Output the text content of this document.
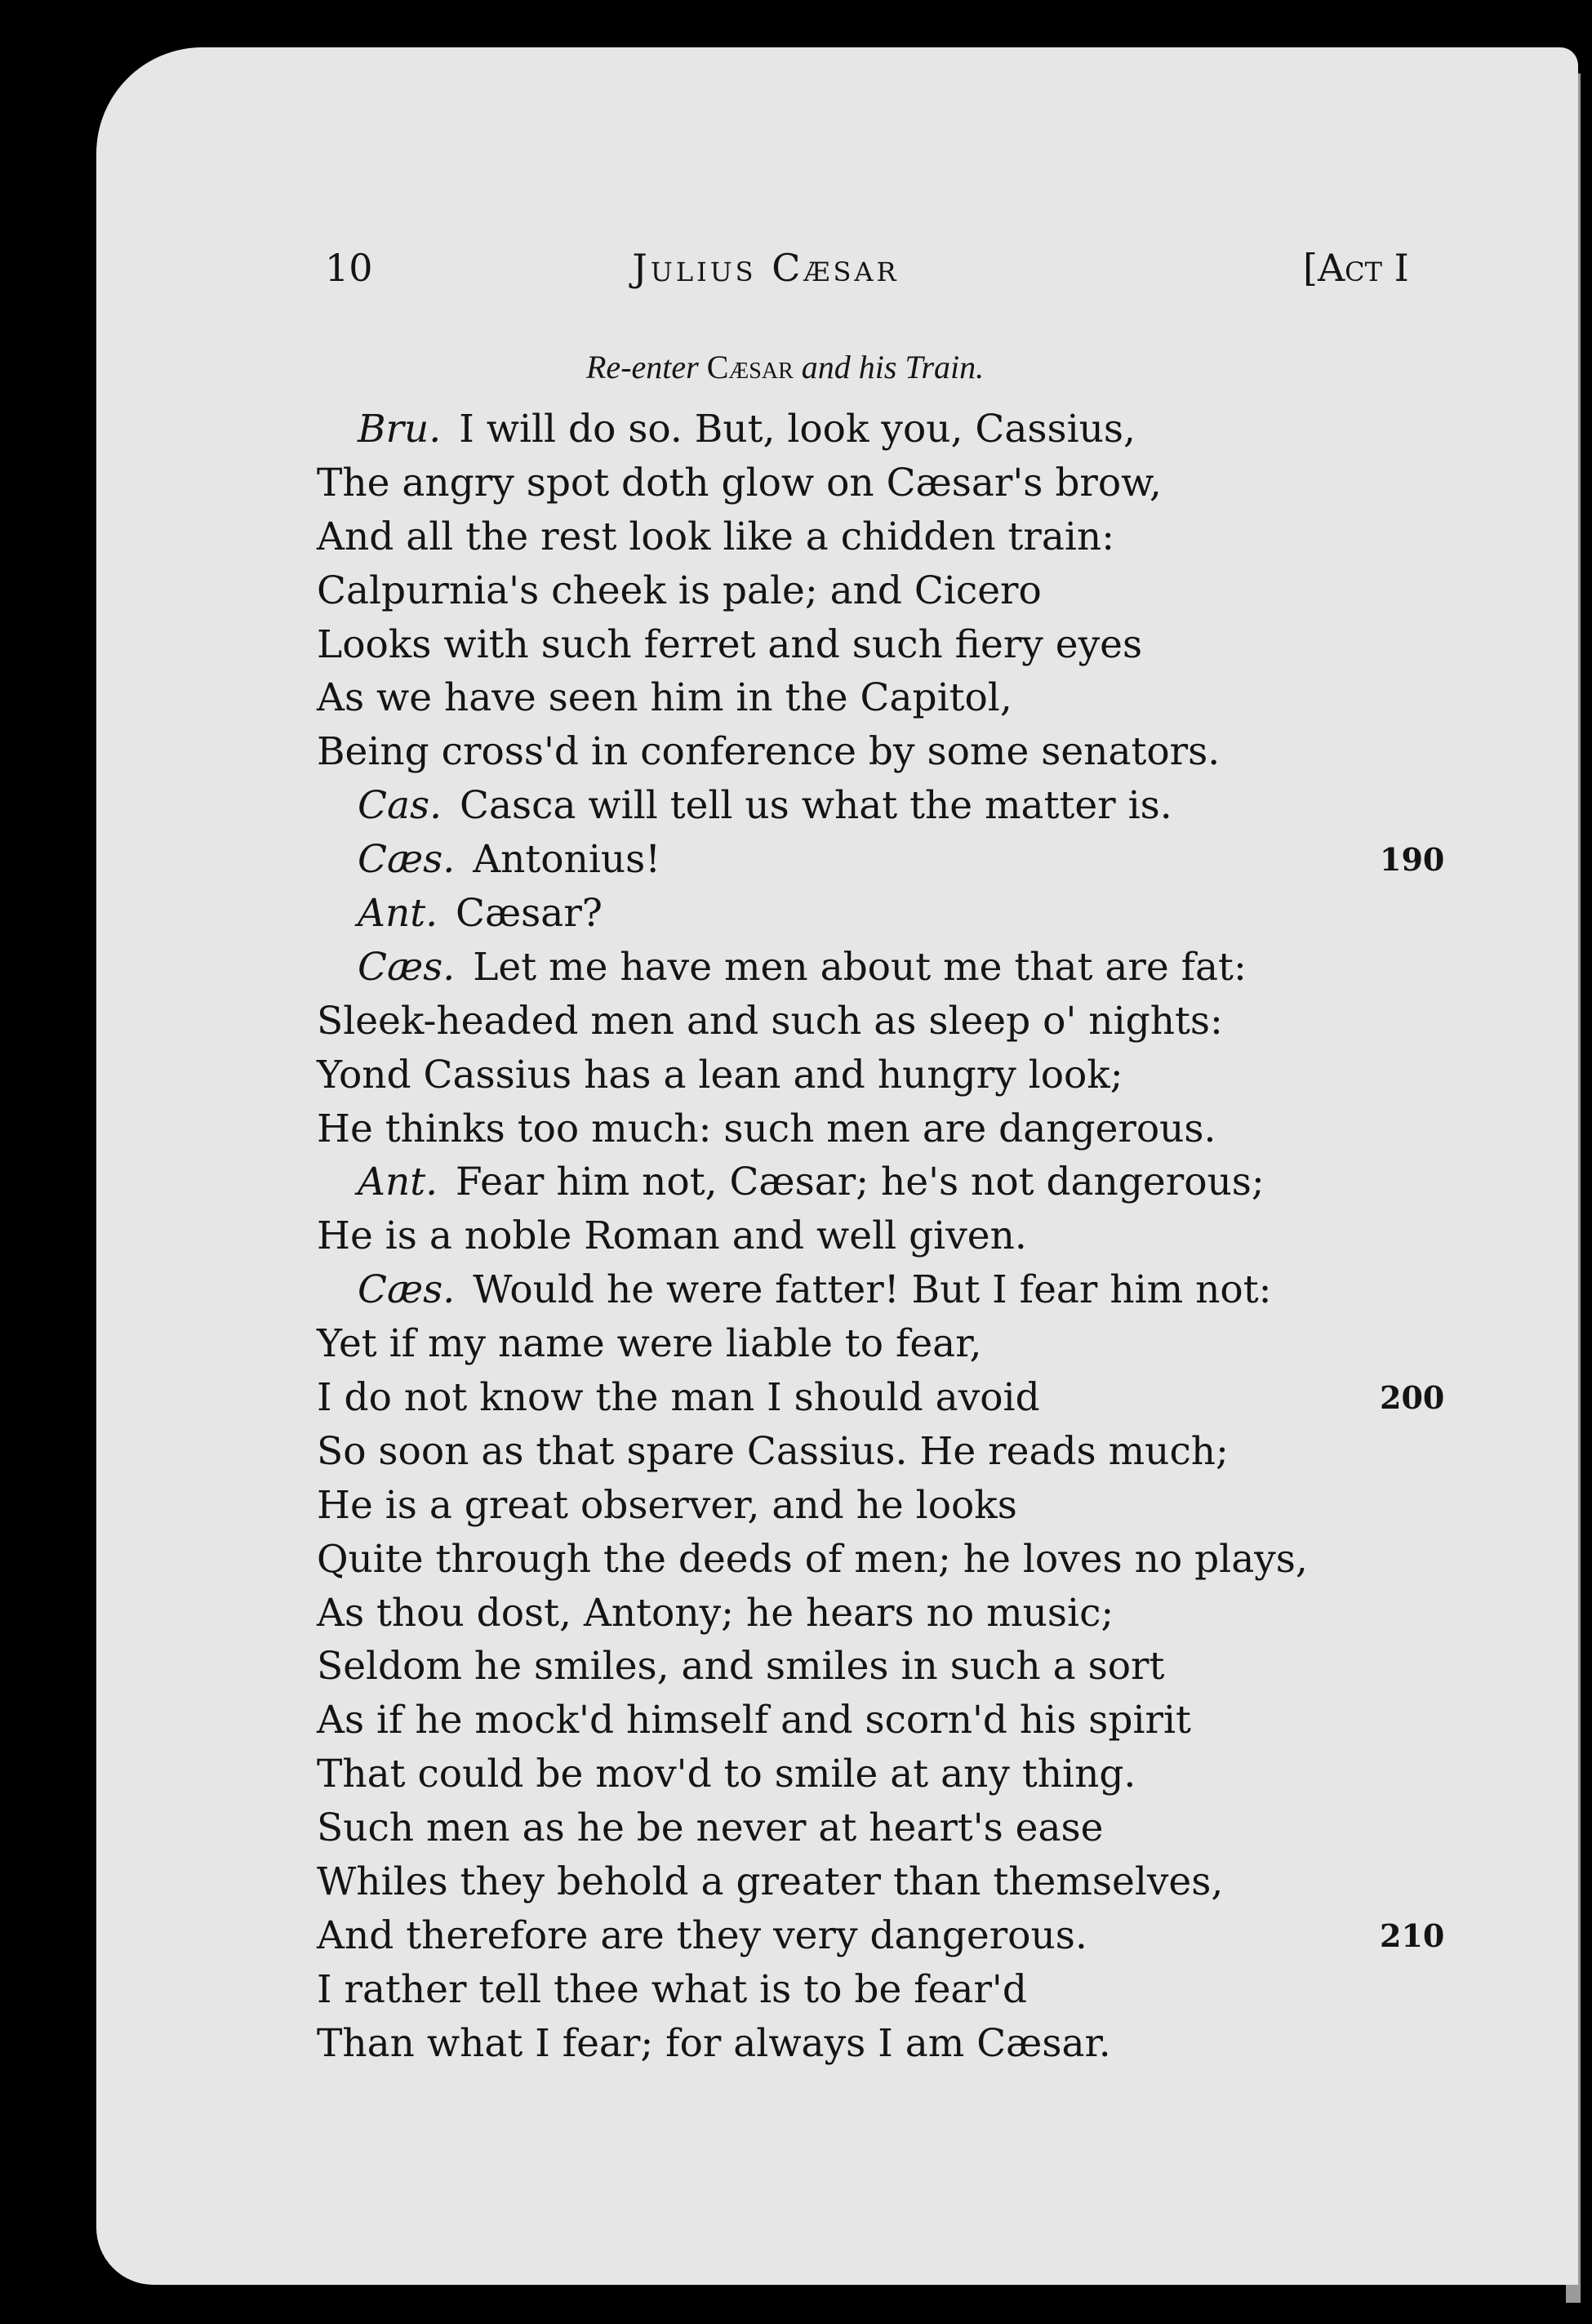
10	Julius Cæsar	[Act I
Re-enter Cæsar and his Train.
Bru. I will do so. But, look you, Cassius,
The angry spot doth glow on Cæsar's brow,
And all the rest look like a chidden train:
Calpurnia's cheek is pale; and Cicero
Looks with such ferret and such fiery eyes
As we have seen him in the Capitol,
Being cross'd in conference by some senators.
Cas. Casca will tell us what the matter is.
Cæs. Antonius!	190
Ant. Cæsar?
Cæs. Let me have men about me that are fat:
Sleek-headed men and such as sleep o' nights:
Yond Cassius has a lean and hungry look;
He thinks too much: such men are dangerous.
Ant. Fear him not, Cæsar; he's not dangerous;
He is a noble Roman and well given.
Cæs. Would he were fatter! But I fear him not:
Yet if my name were liable to fear,
I do not know the man I should avoid	200
So soon as that spare Cassius. He reads much;
He is a great observer, and he looks
Quite through the deeds of men; he loves no plays,
As thou dost, Antony; he hears no music;
Seldom he smiles, and smiles in such a sort
As if he mock'd himself and scorn'd his spirit
That could be mov'd to smile at any thing.
Such men as he be never at heart's ease
Whiles they behold a greater than themselves,
And therefore are they very dangerous.	210
I rather tell thee what is to be fear'd
Than what I fear; for always I am Cæsar.
